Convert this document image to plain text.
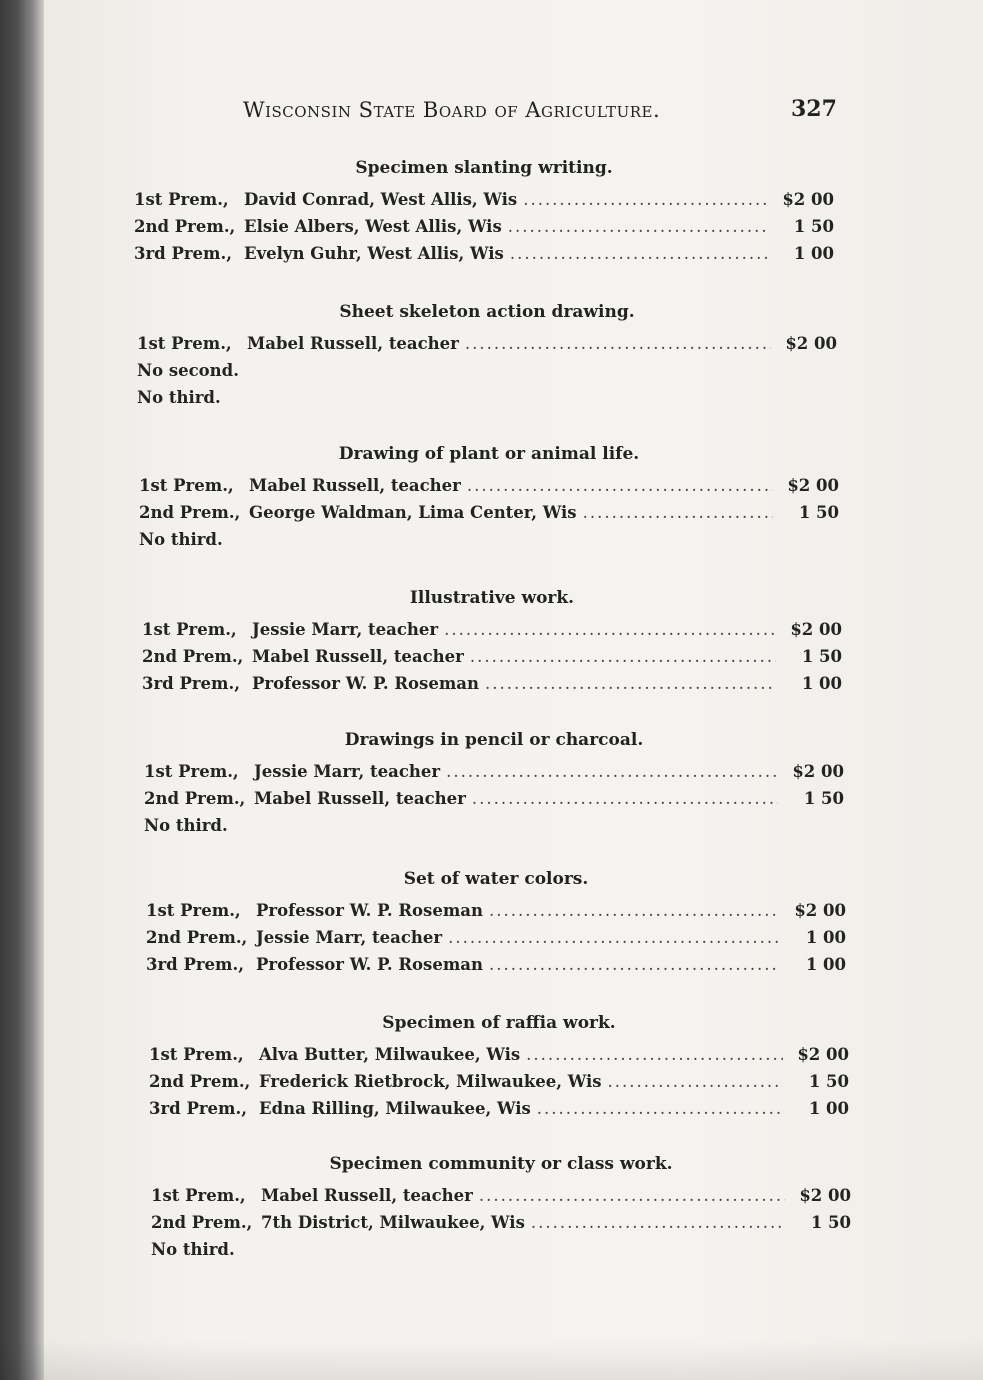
Wisconsin State Board of Agriculture.	327
Specimen slanting writing.
1st Prem., David Conrad, West Allis, Wis .....	$2 00
2nd Prem., Elsie Albers, West Allis, Wis .....	1 50
3rd Prem., Evelyn Guhr, West Allis, Wis .....	1 00
Sheet skeleton action drawing.
1st Prem., Mabel Russell, teacher .....	$2 00
No second.
No third.
Drawing of plant or animal life.
1st Prem., Mabel Russell, teacher .....	$2 00
2nd Prem., George Waldman, Lima Center, Wis .....	1 50
No third.
Illustrative work.
1st Prem., Jessie Marr, teacher .....	$2 00
2nd Prem., Mabel Russell, teacher .....	1 50
3rd Prem., Professor W. P. Roseman .....	1 00
Drawings in pencil or charcoal.
1st Prem., Jessie Marr, teacher .....	$2 00
2nd Prem., Mabel Russell, teacher .....	1 50
No third.
Set of water colors.
1st Prem., Professor W. P. Roseman .....	$2 00
2nd Prem., Jessie Marr, teacher .....	1 00
3rd Prem., Professor W. P. Roseman .....	1 00
Specimen of raffia work.
1st Prem., Alva Butter, Milwaukee, Wis .....	$2 00
2nd Prem., Frederick Rietbrock, Milwaukee, Wis .....	1 50
3rd Prem., Edna Rilling, Milwaukee, Wis .....	1 00
Specimen community or class work.
1st Prem., Mabel Russell, teacher .....	$2 00
2nd Prem., 7th District, Milwaukee, Wis .....	1 50
No third.
